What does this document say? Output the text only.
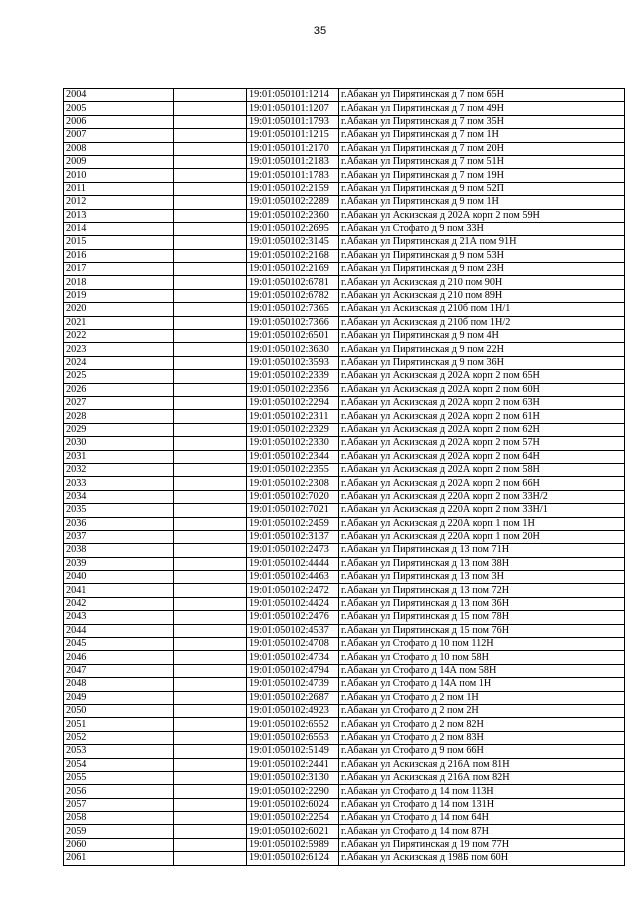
35
2004		19:01:050101:1214	г.Абакан ул Пирятинская д 7 пом 65Н
2005		19:01:050101:1207	г.Абакан ул Пирятинская д 7 пом 49Н
2006		19:01:050101:1793	г.Абакан ул Пирятинская д 7 пом 35Н
2007		19:01:050101:1215	г.Абакан ул Пирятинская д 7 пом 1Н
2008		19:01:050101:2170	г.Абакан ул Пирятинская д 7 пом 20Н
2009		19:01:050101:2183	г.Абакан ул Пирятинская д 7 пом 51Н
2010		19:01:050101:1783	г.Абакан ул Пирятинская д 7 пом 19Н
2011		19:01:050102:2159	г.Абакан ул Пирятинская д 9 пом 52П
2012		19:01:050102:2289	г.Абакан ул Пирятинская д 9 пом 1Н
2013		19:01:050102:2360	г.Абакан ул Аскизская д 202А корп 2 пом 59Н
2014		19:01:050102:2695	г.Абакан ул Стофато д 9 пом 33Н
2015		19:01:050102:3145	г.Абакан ул Пирятинская д 21А пом 91Н
2016		19:01:050102:2168	г.Абакан ул Пирятинская д 9 пом 53Н
2017		19:01:050102:2169	г.Абакан ул Пирятинская д 9 пом 23Н
2018		19:01:050102:6781	г.Абакан ул Аскизская д 210 пом 90Н
2019		19:01:050102:6782	г.Абакан ул Аскизская д 210 пом 89Н
2020		19:01:050102:7365	г.Абакан ул Аскизская д 210б пом 1Н/1
2021		19:01:050102:7366	г.Абакан ул Аскизская д 210б пом 1Н/2
2022		19:01:050102:6501	г.Абакан ул Пирятинская д 9 пом 4Н
2023		19:01:050102:3630	г.Абакан ул Пирятинская д 9 пом 22Н
2024		19:01:050102:3593	г.Абакан ул Пирятинская д 9 пом 36Н
2025		19:01:050102:2339	г.Абакан ул Аскизская д 202А корп 2 пом 65Н
2026		19:01:050102:2356	г.Абакан ул Аскизская д 202А корп 2 пом 60Н
2027		19:01:050102:2294	г.Абакан ул Аскизская д 202А корп 2 пом 63Н
2028		19:01:050102:2311	г.Абакан ул Аскизская д 202А корп 2 пом 61Н
2029		19:01:050102:2329	г.Абакан ул Аскизская д 202А корп 2 пом 62Н
2030		19:01:050102:2330	г.Абакан ул Аскизская д 202А корп 2 пом 57Н
2031		19:01:050102:2344	г.Абакан ул Аскизская д 202А корп 2 пом 64Н
2032		19:01:050102:2355	г.Абакан ул Аскизская д 202А корп 2 пом 58Н
2033		19:01:050102:2308	г.Абакан ул Аскизская д 202А корп 2 пом 66Н
2034		19:01:050102:7020	г.Абакан ул Аскизская д 220А корп 2 пом 33Н/2
2035		19:01:050102:7021	г.Абакан ул Аскизская д 220А корп 2 пом 33Н/1
2036		19:01:050102:2459	г.Абакан ул Аскизская д 220А корп 1 пом 1Н
2037		19:01:050102:3137	г.Абакан ул Аскизская д 220А корп 1 пом 20Н
2038		19:01:050102:2473	г.Абакан ул Пирятинская д 13 пом 71Н
2039		19:01:050102:4444	г.Абакан ул Пирятинская д 13 пом 38Н
2040		19:01:050102:4463	г.Абакан ул Пирятинская д 13 пом 3Н
2041		19:01:050102:2472	г.Абакан ул Пирятинская д 13 пом 72Н
2042		19:01:050102:4424	г.Абакан ул Пирятинская д 13 пом 36Н
2043		19:01:050102:2476	г.Абакан ул Пирятинская д 15 пом 78Н
2044		19:01:050102:4537	г.Абакан ул Пирятинская д 15 пом 76Н
2045		19:01:050102:4708	г.Абакан ул Стофато д 10 пом 112Н
2046		19:01:050102:4734	г.Абакан ул Стофато д 10 пом 58Н
2047		19:01:050102:4794	г.Абакан ул Стофато д 14А пом 58Н
2048		19:01:050102:4739	г.Абакан ул Стофато д 14А пом 1Н
2049		19:01:050102:2687	г.Абакан ул Стофато д 2 пом 1Н
2050		19:01:050102:4923	г.Абакан ул Стофато д 2 пом 2Н
2051		19:01:050102:6552	г.Абакан ул Стофато д 2 пом 82Н
2052		19:01:050102:6553	г.Абакан ул Стофато д 2 пом 83Н
2053		19:01:050102:5149	г.Абакан ул Стофато д 9 пом 66Н
2054		19:01:050102:2441	г.Абакан ул Аскизская д 216А пом 81Н
2055		19:01:050102:3130	г.Абакан ул Аскизская д 216А пом 82Н
2056		19:01:050102:2290	г.Абакан ул Стофато д 14 пом 113Н
2057		19:01:050102:6024	г.Абакан ул Стофато д 14 пом 131Н
2058		19:01:050102:2254	г.Абакан ул Стофато д 14 пом 64Н
2059		19:01:050102:6021	г.Абакан ул Стофато д 14 пом 87Н
2060		19:01:050102:5989	г.Абакан ул Пирятинская д 19 пом 77Н
2061		19:01:050102:6124	г.Абакан ул Аскизская д 198Б пом 60Н
